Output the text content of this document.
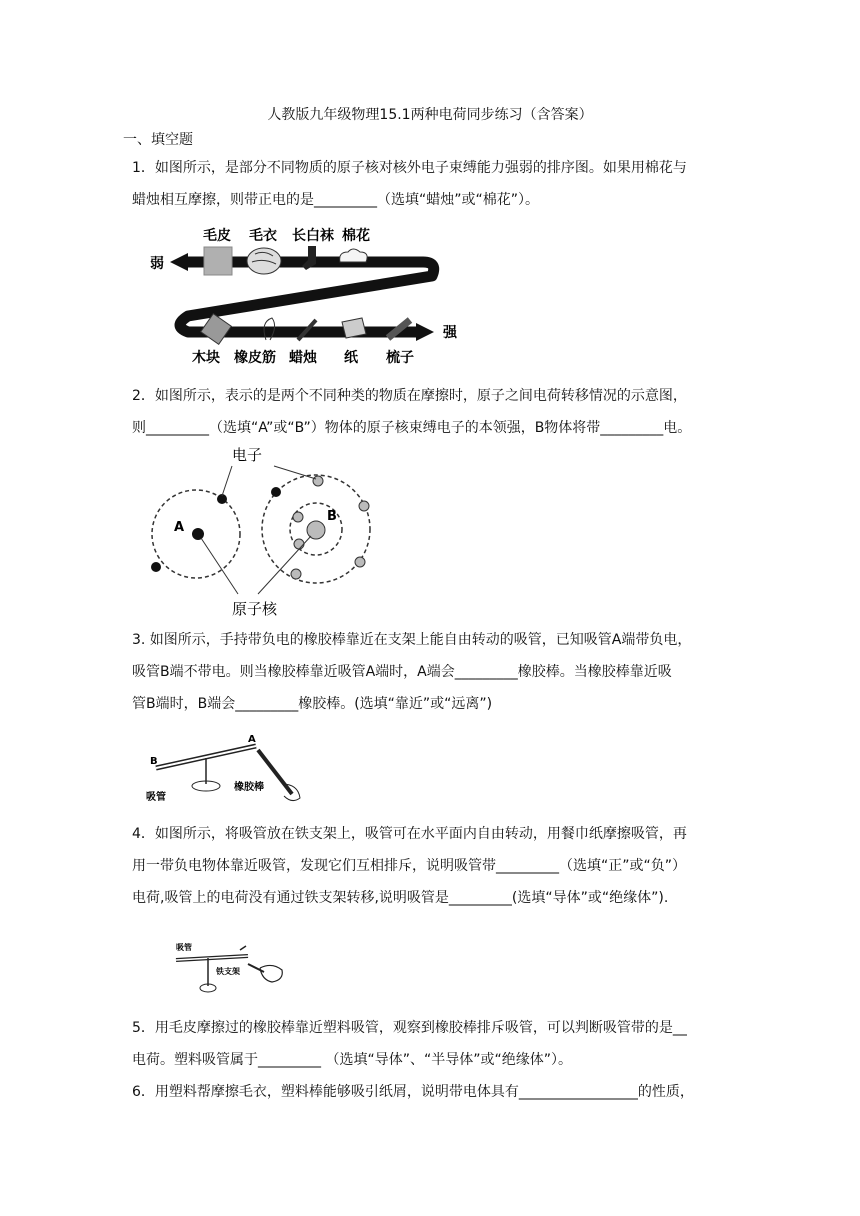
人教版九年级物理15.1两种电荷同步练习（含答案）
一、填空题
1．如图所示，是部分不同物质的原子核对核外电子束缚能力强弱的排序图。如果用棉花与
蜡烛相互摩擦，则带正电的是_________（选填“蜡烛”或“棉花”）。
毛皮 毛衣 长白袜 棉花
弱
强
木块 橡皮筋 蜡烛 纸 梳子
2．如图所示，表示的是两个不同种类的物质在摩擦时，原子之间电荷转移情况的示意图，
则_________（选填“A”或“B”）物体的原子核束缚电子的本领强，B物体将带_________电。
电子
原子核
A
B
3. 如图所示，手持带负电的橡胶棒靠近在支架上能自由转动的吸管，已知吸管A端带负电，
吸管B端不带电。则当橡胶棒靠近吸管A端时，A端会_________橡胶棒。当橡胶棒靠近吸
管B端时，B端会_________橡胶棒。(选填“靠近”或“远离”)
B
A
吸管
橡胶棒
4．如图所示，将吸管放在铁支架上，吸管可在水平面内自由转动，用餐巾纸摩擦吸管，再
用一带负电物体靠近吸管，发现它们互相排斥，说明吸管带_________（选填“正”或“负”）
电荷,吸管上的电荷没有通过铁支架转移,说明吸管是_________(选填“导体”或“绝缘体”).
吸管
铁支架
5．用毛皮摩擦过的橡胶棒靠近塑料吸管，观察到橡胶棒排斥吸管，可以判断吸管带的是__
电荷。塑料吸管属于_________ （选填“导体”、“半导体”或“绝缘体”）。
6．用塑料帮摩擦毛衣，塑料棒能够吸引纸屑，说明带电体具有_________________的性质，
